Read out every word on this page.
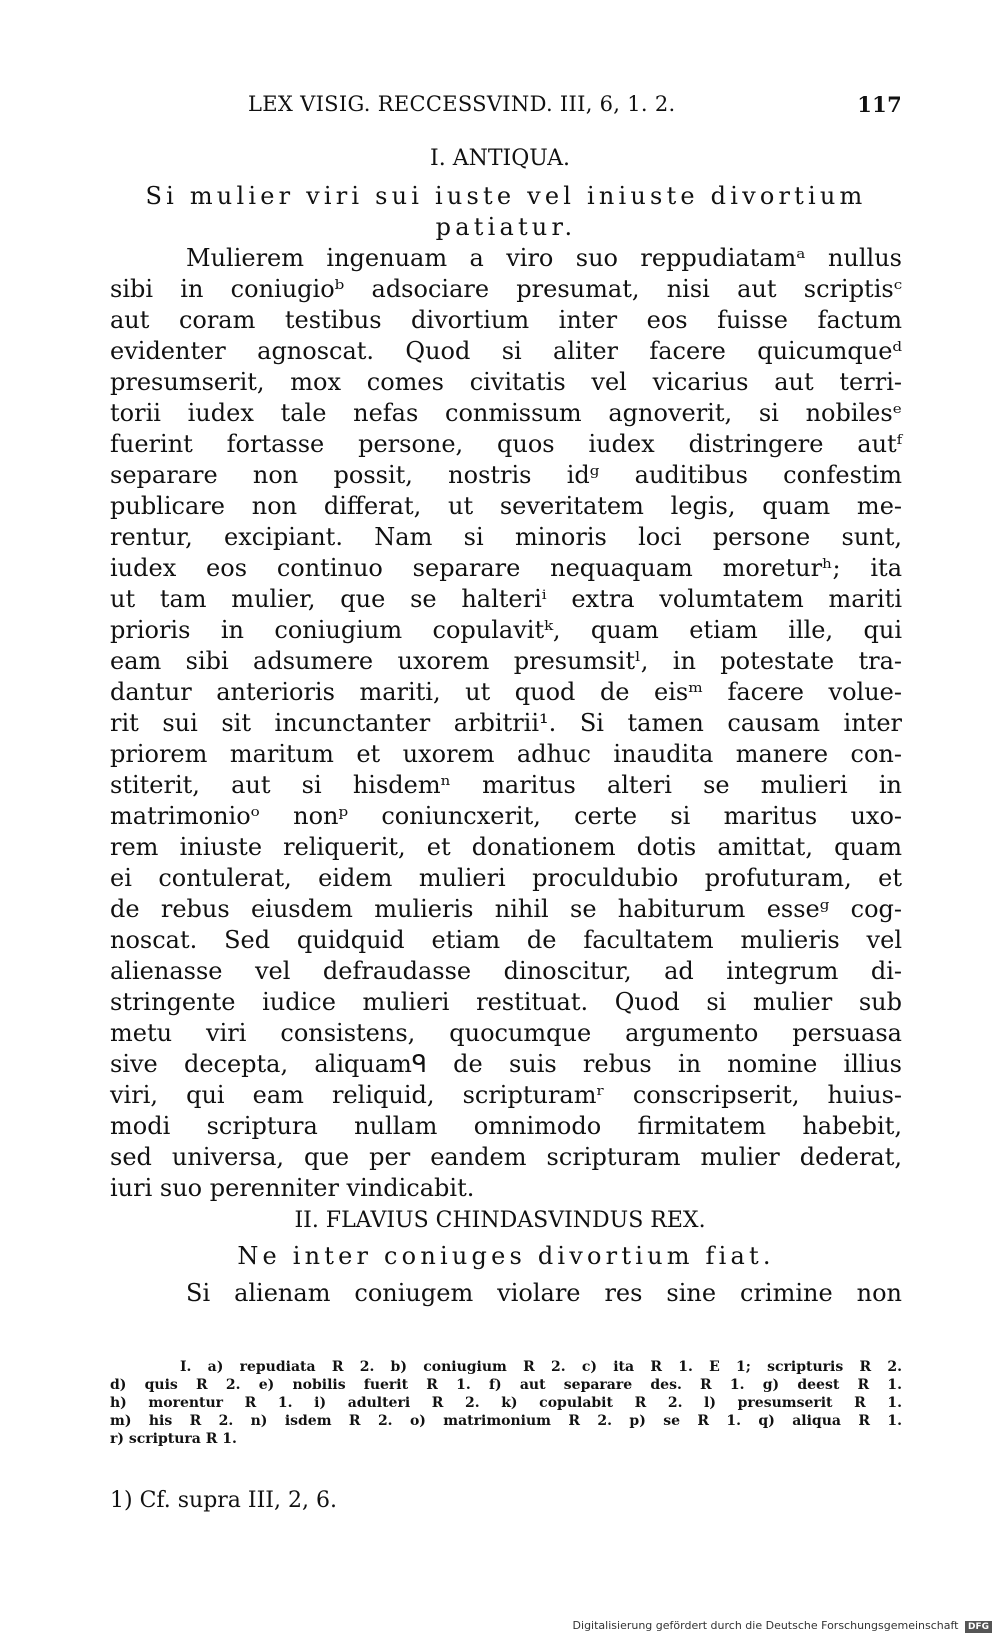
LEX VISIG. RECCESSVIND. III, 6, 1. 2.	117
I. ANTIQUA.
Si mulier viri sui iuste vel iniuste divortium
patiatur.
Mulierem ingenuam a viro suo reppudiatamᵃ nullus
sibi in coniugioᵇ adsociare presumat, nisi aut scriptisᶜ
aut coram testibus divortium inter eos fuisse factum
evidenter agnoscat. Quod si aliter facere quicumqueᵈ
presumserit, mox comes civitatis vel vicarius aut terri-
torii iudex tale nefas conmissum agnoverit, si nobilesᵉ
fuerint fortasse persone, quos iudex distringere autᶠ
separare non possit, nostris idᵍ auditibus confestim
publicare non differat, ut severitatem legis, quam me-
rentur, excipiant. Nam si minoris loci persone sunt,
iudex eos continuo separare nequaquam moreturʰ; ita
ut tam mulier, que se halteriⁱ extra volumtatem mariti
prioris in coniugium copulavitᵏ, quam etiam ille, qui
eam sibi adsumere uxorem presumsitˡ, in potestate tra-
dantur anterioris mariti, ut quod de eisᵐ facere volue-
rit sui sit incunctanter arbitrii¹. Si tamen causam inter
priorem maritum et uxorem adhuc inaudita manere con-
stiterit, aut si hisdemⁿ maritus alteri se mulieri in
matrimonioᵒ nonᵖ coniuncxerit, certe si maritus uxo-
rem iniuste reliquerit, et donationem dotis amittat, quam
ei contulerat, eidem mulieri proculdubio profuturam, et
de rebus eiusdem mulieris nihil se habiturum esseᵍ cog-
noscat. Sed quidquid etiam de facultatem mulieris vel
alienasse vel defraudasse dinoscitur, ad integrum di-
stringente iudice mulieri restituat. Quod si mulier sub
metu viri consistens, quocumque argumento persuasa
sive decepta, aliquamᑫ de suis rebus in nomine illius
viri, qui eam reliquid, scripturamʳ conscripserit, huius-
modi scriptura nullam omnimodo firmitatem habebit,
sed universa, que per eandem scripturam mulier dederat,
iuri suo perenniter vindicabit.
II. FLAVIUS CHINDASVINDUS REX.
Ne inter coniuges divortium fiat.
Si alienam coniugem violare res sine crimine non
I. a) repudiata R 2. b) coniugium R 2. c) ita R 1. E 1; scripturis R 2.
d) quis R 2. e) nobilis fuerit R 1. f) aut separare des. R 1. g) deest R 1.
h) morentur R 1. i) adulteri R 2. k) copulabit R 2. l) presumserit R 1.
m) his R 2. n) isdem R 2. o) matrimonium R 2. p) se R 1. q) aliqua R 1.
r) scriptura R 1.
1) Cf. supra III, 2, 6.
Digitalisierung gefördert durch die Deutsche Forschungsgemeinschaft DFG
